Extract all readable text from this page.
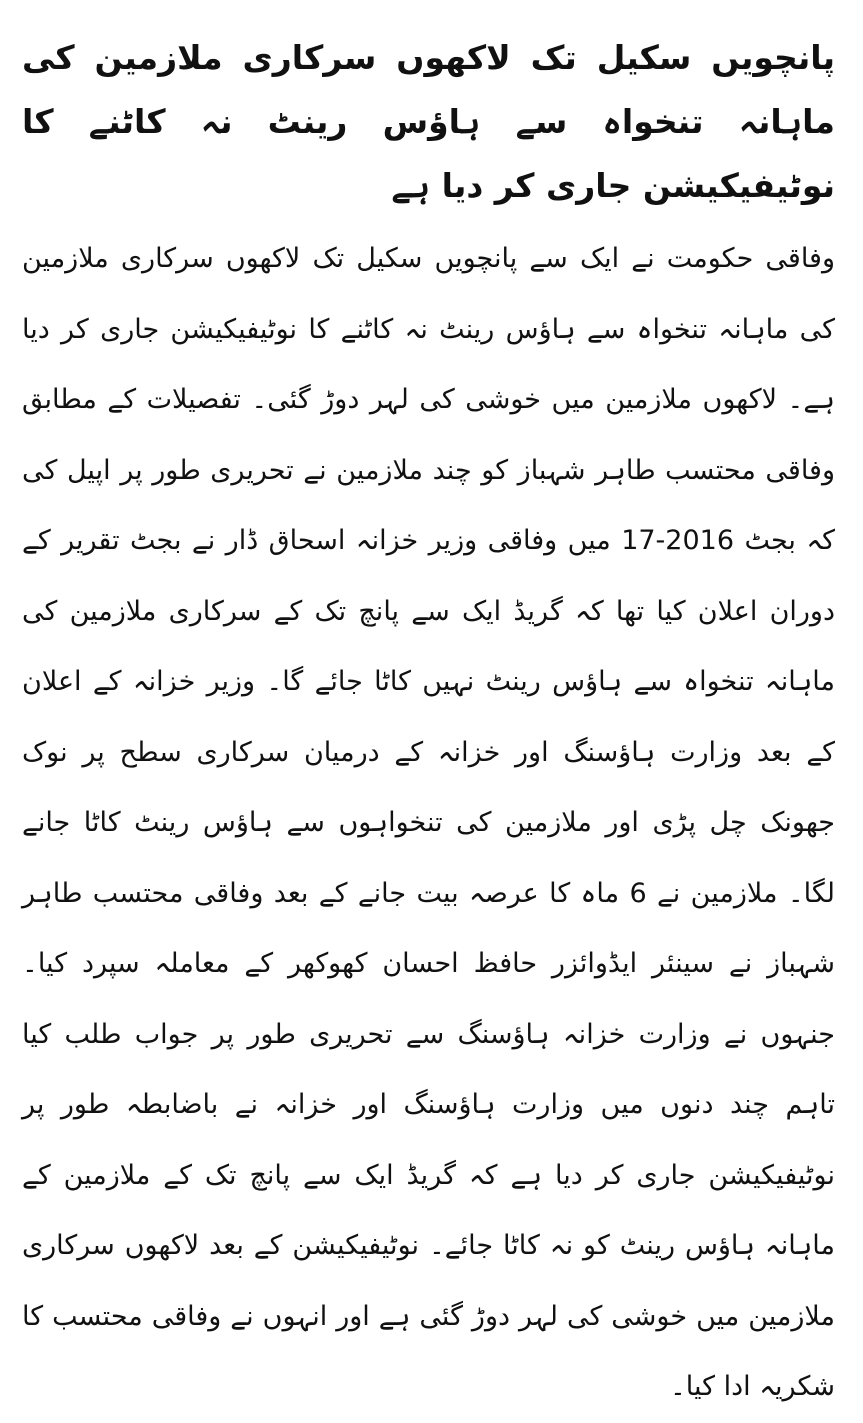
پانچویں سکیل تک لاکھوں سرکاری ملازمین کی ماہانہ تنخواہ سے ہاؤس رینٹ نہ کاٹنے کا نوٹیفیکیشن جاری کر دیا ہے

وفاقی حکومت نے ایک سے پانچویں سکیل تک لاکھوں سرکاری ملازمین کی ماہانہ تنخواہ سے ہاؤس رینٹ نہ کاٹنے کا نوٹیفیکیشن جاری کر دیا ہے۔ لاکھوں ملازمین میں خوشی کی لہر دوڑ گئی۔ تفصیلات کے مطابق وفاقی محتسب طاہر شہباز کو چند ملازمین نے تحریری طور پر اپیل کی کہ بجٹ 2016-17 میں وفاقی وزیر خزانہ اسحاق ڈار نے بجٹ تقریر کے دوران اعلان کیا تھا کہ گریڈ ایک سے پانچ تک کے سرکاری ملازمین کی ماہانہ تنخواہ سے ہاؤس رینٹ نہیں کاٹا جائے گا۔ وزیر خزانہ کے اعلان کے بعد وزارت ہاؤسنگ اور خزانہ کے درمیان سرکاری سطح پر نوک جھونک چل پڑی اور ملازمین کی تنخواہوں سے ہاؤس رینٹ کاٹا جانے لگا۔ ملازمین نے 6 ماہ کا عرصہ بیت جانے کے بعد وفاقی محتسب طاہر شہباز نے سینئر ایڈوائزر حافظ احسان کھوکھر کے معاملہ سپرد کیا۔ جنہوں نے وزارت خزانہ ہاؤسنگ سے تحریری طور پر جواب طلب کیا تاہم چند دنوں میں وزارت ہاؤسنگ اور خزانہ نے باضابطہ طور پر نوٹیفیکیشن جاری کر دیا ہے کہ گریڈ ایک سے پانچ تک کے ملازمین کے ماہانہ ہاؤس رینٹ کو نہ کاٹا جائے۔ نوٹیفیکیشن کے بعد لاکھوں سرکاری ملازمین میں خوشی کی لہر دوڑ گئی ہے اور انہوں نے وفاقی محتسب کا شکریہ ادا کیا۔
